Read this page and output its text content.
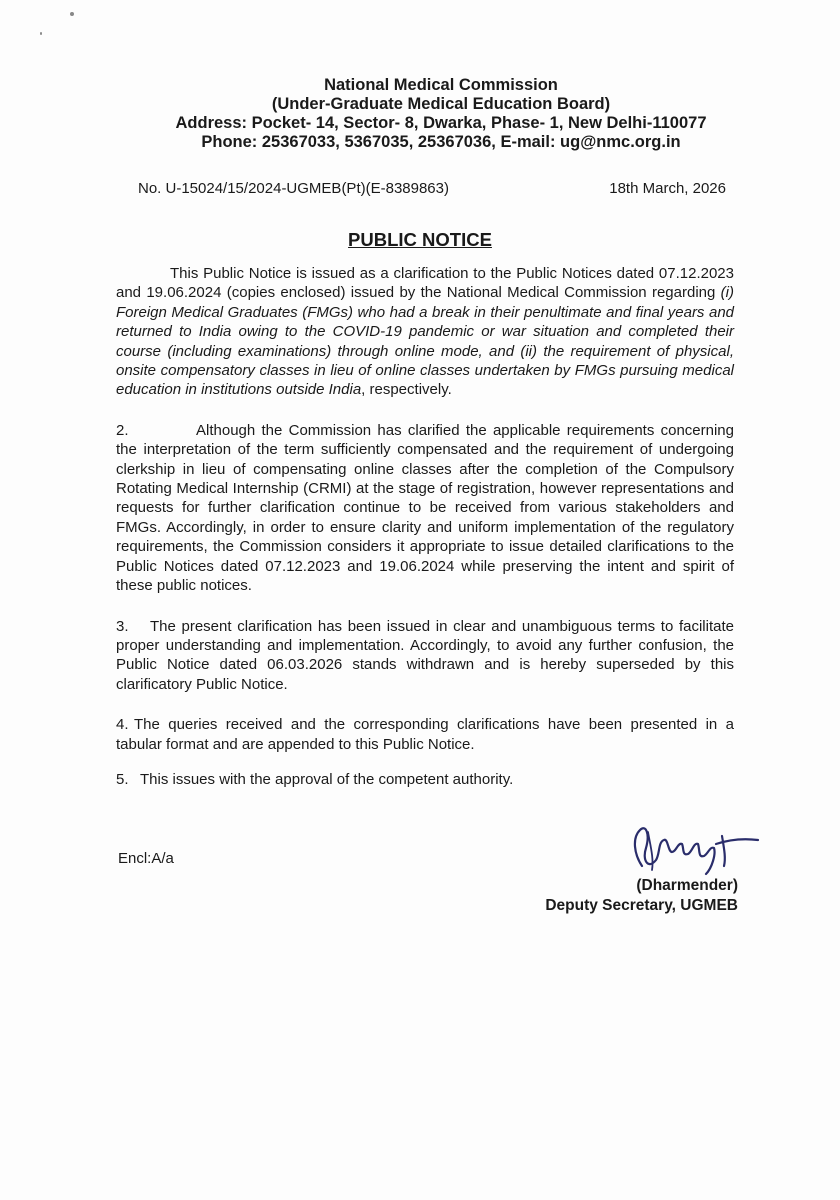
National Medical Commission
(Under-Graduate Medical Education Board)
Address: Pocket- 14, Sector- 8, Dwarka, Phase- 1, New Delhi-110077
Phone: 25367033, 5367035, 25367036, E-mail: ug@nmc.org.in
No. U-15024/15/2024-UGMEB(Pt)(E-8389863)	18th March, 2026
PUBLIC NOTICE

This Public Notice is issued as a clarification to the Public Notices dated 07.12.2023 and 19.06.2024 (copies enclosed) issued by the National Medical Commission regarding (i) Foreign Medical Graduates (FMGs) who had a break in their penultimate and final years and returned to India owing to the COVID-19 pandemic or war situation and completed their course (including examinations) through online mode, and (ii) the requirement of physical, onsite compensatory classes in lieu of online classes undertaken by FMGs pursuing medical education in institutions outside India, respectively.

2.	Although the Commission has clarified the applicable requirements concerning the interpretation of the term sufficiently compensated and the requirement of undergoing clerkship in lieu of compensating online classes after the completion of the Compulsory Rotating Medical Internship (CRMI) at the stage of registration, however representations and requests for further clarification continue to be received from various stakeholders and FMGs. Accordingly, in order to ensure clarity and uniform implementation of the regulatory requirements, the Commission considers it appropriate to issue detailed clarifications to the Public Notices dated 07.12.2023 and 19.06.2024 while preserving the intent and spirit of these public notices.

3. The present clarification has been issued in clear and unambiguous terms to facilitate proper understanding and implementation. Accordingly, to avoid any further confusion, the Public Notice dated 06.03.2026 stands withdrawn and is hereby superseded by this clarificatory Public Notice.

4. The queries received and the corresponding clarifications have been presented in a tabular format and are appended to this Public Notice.

5. This issues with the approval of the competent authority.

Encl:A/a
(Dharmender)
Deputy Secretary, UGMEB
